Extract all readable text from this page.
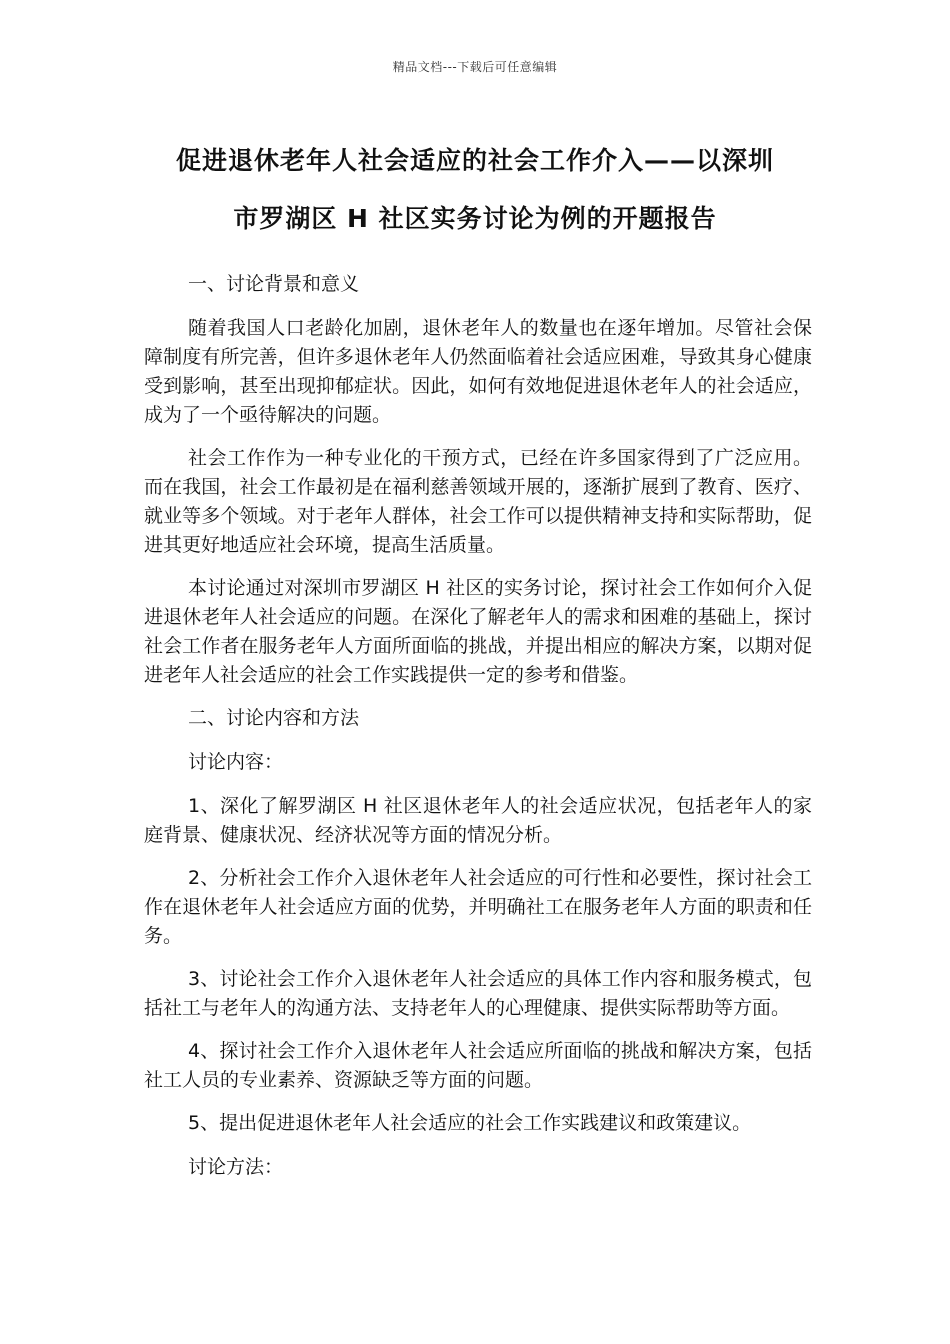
精品文档---下载后可任意编辑
促进退休老年人社会适应的社会工作介入——以深圳
市罗湖区 H 社区实务讨论为例的开题报告

一、讨论背景和意义

随着我国人口老龄化加剧，退休老年人的数量也在逐年增加。尽管社会保障制度有所完善，但许多退休老年人仍然面临着社会适应困难，导致其身心健康受到影响，甚至出现抑郁症状。因此，如何有效地促进退休老年人的社会适应，成为了一个亟待解决的问题。

社会工作作为一种专业化的干预方式，已经在许多国家得到了广泛应用。而在我国，社会工作最初是在福利慈善领域开展的，逐渐扩展到了教育、医疗、就业等多个领域。对于老年人群体，社会工作可以提供精神支持和实际帮助，促进其更好地适应社会环境，提高生活质量。

本讨论通过对深圳市罗湖区 H 社区的实务讨论，探讨社会工作如何介入促进退休老年人社会适应的问题。在深化了解老年人的需求和困难的基础上，探讨社会工作者在服务老年人方面所面临的挑战，并提出相应的解决方案，以期对促进老年人社会适应的社会工作实践提供一定的参考和借鉴。

二、讨论内容和方法

讨论内容：

1、深化了解罗湖区 H 社区退休老年人的社会适应状况，包括老年人的家庭背景、健康状况、经济状况等方面的情况分析。

2、分析社会工作介入退休老年人社会适应的可行性和必要性，探讨社会工作在退休老年人社会适应方面的优势，并明确社工在服务老年人方面的职责和任务。

3、讨论社会工作介入退休老年人社会适应的具体工作内容和服务模式，包括社工与老年人的沟通方法、支持老年人的心理健康、提供实际帮助等方面。

4、探讨社会工作介入退休老年人社会适应所面临的挑战和解决方案，包括社工人员的专业素养、资源缺乏等方面的问题。

5、提出促进退休老年人社会适应的社会工作实践建议和政策建议。

讨论方法：
